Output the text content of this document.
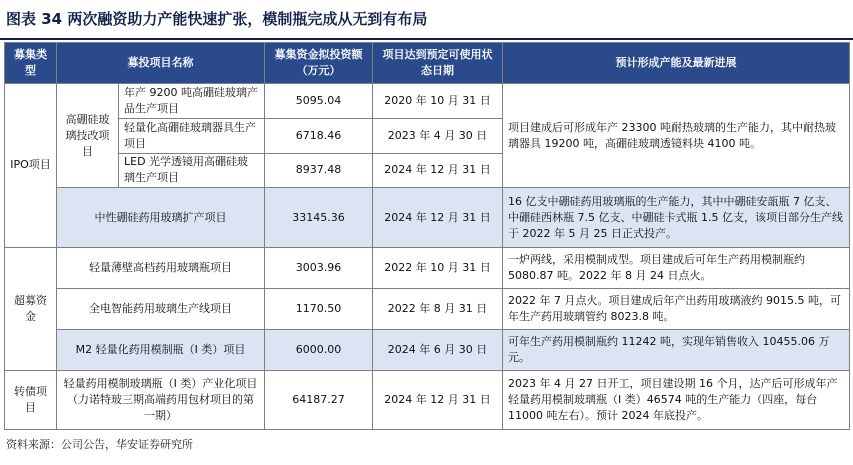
图表 34 两次融资助力产能快速扩张，模制瓶完成从无到有布局
募集类型	募投项目名称		募集资金拟投资额（万元）	项目达到预定可使用状态日期	预计形成产能及最新进展
IPO项目	高硼硅玻璃技改项目	年产 9200 吨高硼硅玻璃产品生产项目	5095.04	2020 年 10 月 31 日	项目建成后可形成年产 23300 吨耐热玻璃的生产能力，其中耐热玻璃器具 19200 吨，高硼硅玻璃透镜料块 4100 吨。
		轻量化高硼硅玻璃器具生产项目	6718.46	2023 年 4 月 30 日	
		LED 光学透镜用高硼硅玻璃生产项目	8937.48	2024 年 12 月 31 日	
	中性硼硅药用玻璃扩产项目		33145.36	2024 年 12 月 31 日	16 亿支中硼硅药用玻璃瓶的生产能力，其中中硼硅安瓿瓶 7 亿支、中硼硅西林瓶 7.5 亿支、中硼硅卡式瓶 1.5 亿支，该项目部分生产线于 2022 年 5 月 25 日正式投产。
超募资金	轻量薄壁高档药用玻璃瓶项目		3003.96	2022 年 10 月 31 日	一炉两线，采用模制成型。项目建成后可年生产药用模制瓶约 5080.87 吨。2022 年 8 月 24 日点火。
	全电智能药用玻璃生产线项目		1170.50	2022 年 8 月 31 日	2022 年 7 月点火。项目建成后年产出药用玻璃液约 9015.5 吨，可年生产药用玻璃管约 8023.8 吨。
	M2 轻量化药用模制瓶（I 类）项目		6000.00	2024 年 6 月 30 日	可年生产药用模制瓶约 11242 吨，实现年销售收入 10455.06 万元。
转债项目	轻量药用模制玻璃瓶（I 类）产业化项目（力诺特玻三期高端药用包材项目的第一期）		64187.27	2024 年 12 月 31 日	2023 年 4 月 27 日开工，项目建设期 16 个月，达产后可形成年产轻量药用模制玻璃瓶（I 类）46574 吨的生产能力（四座，每台 11000 吨左右）。预计 2024 年底投产。
资料来源：公司公告，华安证券研究所
